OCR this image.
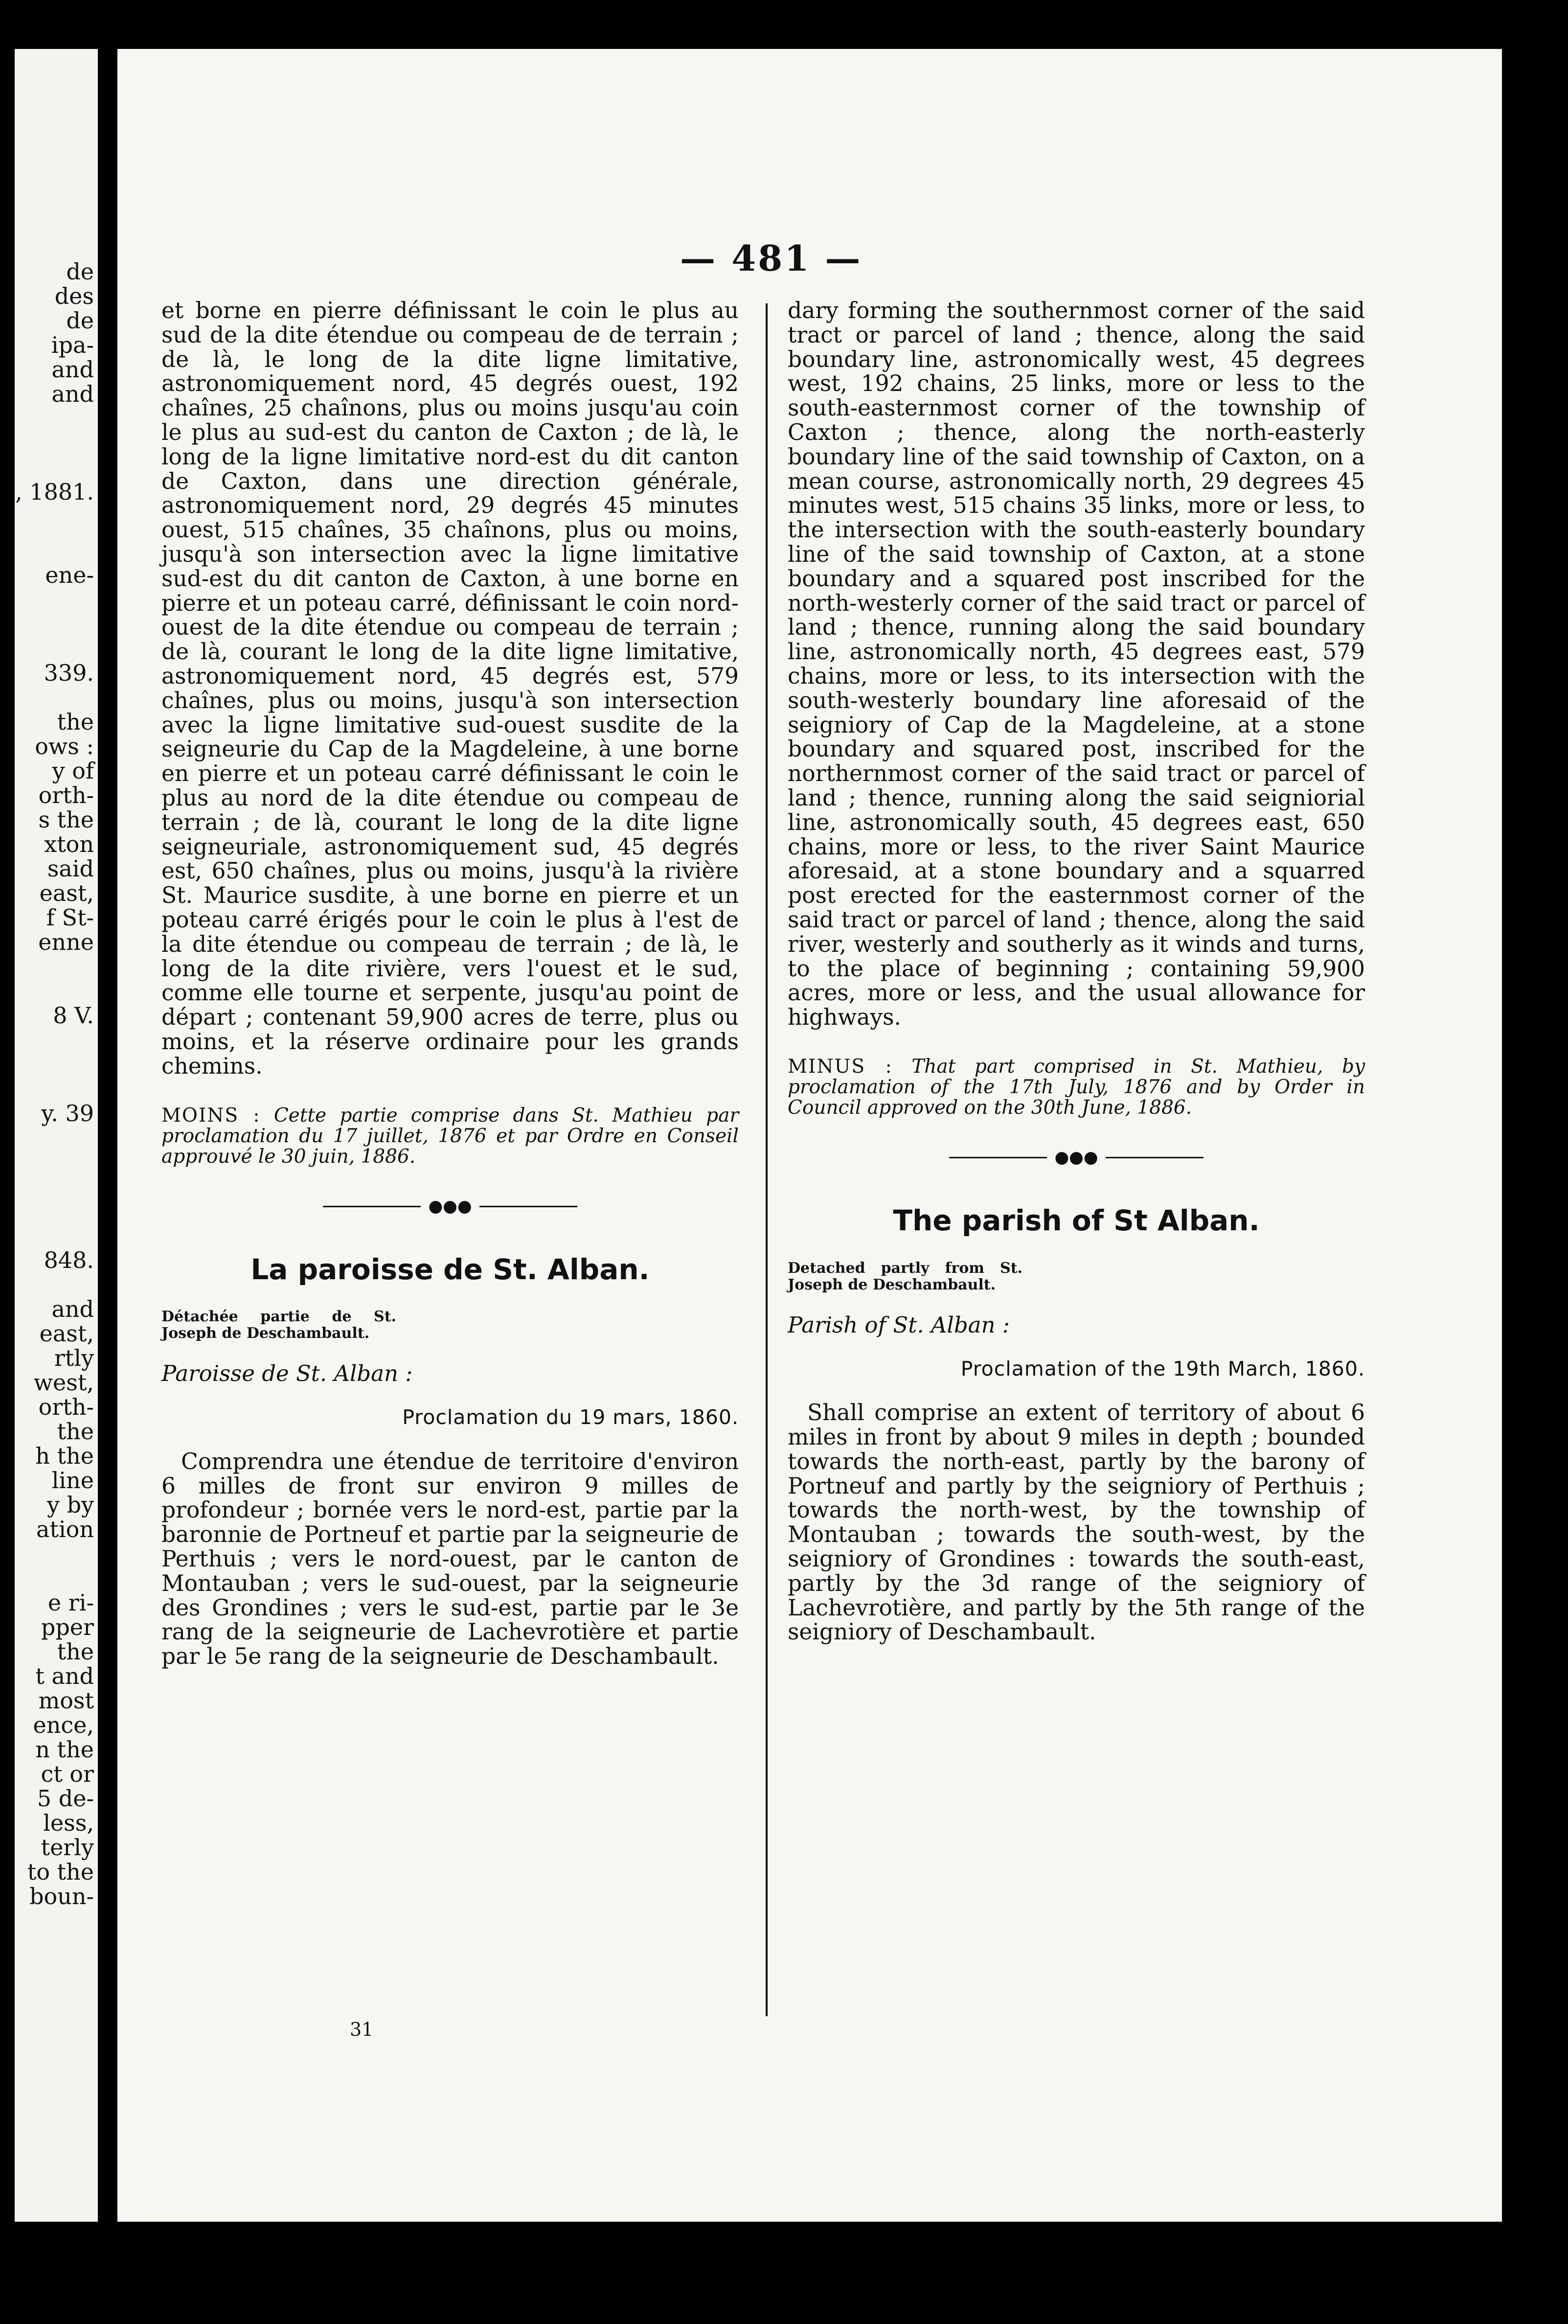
de
des
de
ipa-
and
and
, 1881.
ene-
339.
the
ows :
y of
orth-
s the
xton
said
east,
f St-
enne
8 V.
y. 39
848.
and
east,
rtly
west,
orth-
the
h the
line
y by
ation
e ri-
pper
the
t and
most
ence,
n the
ct or
5 de-
less,
terly
to the
boun-
— 481 —

et borne en pierre définissant le coin le plus au sud de la dite étendue ou compeau de de terrain ; de là, le long de la dite ligne limitative, astronomiquement nord, 45 degrés ouest, 192 chaînes, 25 chaînons, plus ou moins jusqu'au coin le plus au sud-est du canton de Caxton ; de là, le long de la ligne limitative nord-est du dit canton de Caxton, dans une direction générale, astronomiquement nord, 29 degrés 45 minutes ouest, 515 chaînes, 35 chaînons, plus ou moins, jusqu'à son intersection avec la ligne limitative sud-est du dit canton de Caxton, à une borne en pierre et un poteau carré, définissant le coin nord-ouest de la dite étendue ou compeau de terrain ; de là, courant le long de la dite ligne limitative, astronomiquement nord, 45 degrés est, 579 chaînes, plus ou moins, jusqu'à son intersection avec la ligne limitative sud-ouest susdite de la seigneurie du Cap de la Magdeleine, à une borne en pierre et un poteau carré définissant le coin le plus au nord de la dite étendue ou compeau de terrain ; de là, courant le long de la dite ligne seigneuriale, astronomiquement sud, 45 degrés est, 650 chaînes, plus ou moins, jusqu'à la rivière St. Maurice susdite, à une borne en pierre et un poteau carré érigés pour le coin le plus à l'est de la dite étendue ou compeau de terrain ; de là, le long de la dite rivière, vers l'ouest et le sud, comme elle tourne et serpente, jusqu'au point de départ ; contenant 59,900 acres de terre, plus ou moins, et la réserve ordinaire pour les grands chemins.

MOINS : Cette partie comprise dans St. Mathieu par proclamation du 17 juillet, 1876 et par Ordre en Conseil approuvé le 30 juin, 1886.
●●●
La paroisse de St. Alban.
Détachée partie de St. Joseph de Deschambault.
Paroisse de St. Alban :
Proclamation du 19 mars, 1860.

Comprendra une étendue de territoire d'environ 6 milles de front sur environ 9 milles de profondeur ; bornée vers le nord-est, partie par la baronnie de Portneuf et partie par la seigneurie de Perthuis ; vers le nord-ouest, par le canton de Montauban ; vers le sud-ouest, par la seigneurie des Grondines ; vers le sud-est, partie par le 3e rang de la seigneurie de Lachevrotière et partie par le 5e rang de la seigneurie de Deschambault.

dary forming the southernmost corner of the said tract or parcel of land ; thence, along the said boundary line, astronomically west, 45 degrees west, 192 chains, 25 links, more or less to the south-easternmost corner of the township of Caxton ; thence, along the north-easterly boundary line of the said township of Caxton, on a mean course, astronomically north, 29 degrees 45 minutes west, 515 chains 35 links, more or less, to the intersection with the south-easterly boundary line of the said township of Caxton, at a stone boundary and a squared post inscribed for the north-westerly corner of the said tract or parcel of land ; thence, running along the said boundary line, astronomically north, 45 degrees east, 579 chains, more or less, to its intersection with the south-westerly boundary line aforesaid of the seigniory of Cap de la Magdeleine, at a stone boundary and squared post, inscribed for the northernmost corner of the said tract or parcel of land ; thence, running along the said seigniorial line, astronomically south, 45 degrees east, 650 chains, more or less, to the river Saint Maurice aforesaid, at a stone boundary and a squarred post erected for the easternmost corner of the said tract or parcel of land ; thence, along the said river, westerly and southerly as it winds and turns, to the place of beginning ; containing 59,900 acres, more or less, and the usual allowance for highways.

MINUS : That part comprised in St. Mathieu, by proclamation of the 17th July, 1876 and by Order in Council approved on the 30th June, 1886.
●●●
The parish of St Alban.
Detached partly from St. Joseph de Deschambault.
Parish of St. Alban :
Proclamation of the 19th March, 1860.

Shall comprise an extent of territory of about 6 miles in front by about 9 miles in depth ; bounded towards the north-east, partly by the barony of Portneuf and partly by the seigniory of Perthuis ; towards the north-west, by the township of Montauban ; towards the south-west, by the seigniory of Grondines : towards the south-east, partly by the 3d range of the seigniory of Lachevrotière, and partly by the 5th range of the seigniory of Deschambault.

31
